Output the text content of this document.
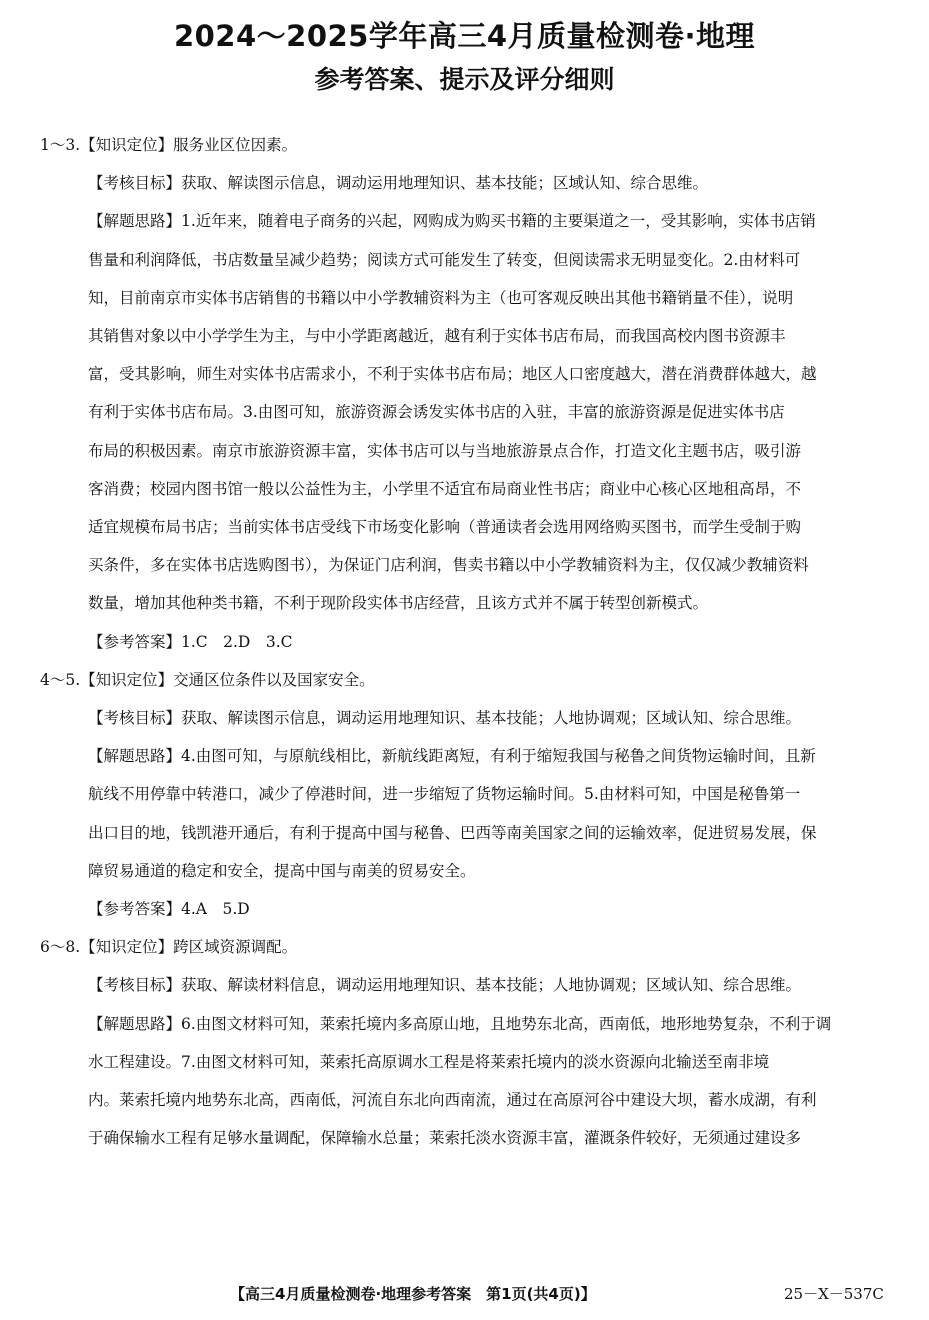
2024～2025学年高三4月质量检测卷·地理
参考答案、提示及评分细则

1～3.【知识定位】服务业区位因素。

【考核目标】获取、解读图示信息，调动运用地理知识、基本技能；区域认知、综合思维。

【解题思路】1.近年来，随着电子商务的兴起，网购成为购买书籍的主要渠道之一，受其影响，实体书店销

售量和利润降低，书店数量呈减少趋势；阅读方式可能发生了转变，但阅读需求无明显变化。2.由材料可

知，目前南京市实体书店销售的书籍以中小学教辅资料为主（也可客观反映出其他书籍销量不佳），说明

其销售对象以中小学学生为主，与中小学距离越近，越有利于实体书店布局，而我国高校内图书资源丰

富，受其影响，师生对实体书店需求小，不利于实体书店布局；地区人口密度越大，潜在消费群体越大，越

有利于实体书店布局。3.由图可知，旅游资源会诱发实体书店的入驻，丰富的旅游资源是促进实体书店

布局的积极因素。南京市旅游资源丰富，实体书店可以与当地旅游景点合作，打造文化主题书店，吸引游

客消费；校园内图书馆一般以公益性为主，小学里不适宜布局商业性书店；商业中心核心区地租高昂，不

适宜规模布局书店；当前实体书店受线下市场变化影响（普通读者会选用网络购买图书，而学生受制于购

买条件，多在实体书店选购图书），为保证门店利润，售卖书籍以中小学教辅资料为主，仅仅减少教辅资料

数量，增加其他种类书籍，不利于现阶段实体书店经营，且该方式并不属于转型创新模式。

【参考答案】1.C　2.D　3.C

4～5.【知识定位】交通区位条件以及国家安全。

【考核目标】获取、解读图示信息，调动运用地理知识、基本技能；人地协调观；区域认知、综合思维。

【解题思路】4.由图可知，与原航线相比，新航线距离短，有利于缩短我国与秘鲁之间货物运输时间，且新

航线不用停靠中转港口，减少了停港时间，进一步缩短了货物运输时间。5.由材料可知，中国是秘鲁第一

出口目的地，钱凯港开通后，有利于提高中国与秘鲁、巴西等南美国家之间的运输效率，促进贸易发展，保

障贸易通道的稳定和安全，提高中国与南美的贸易安全。

【参考答案】4.A　5.D

6～8.【知识定位】跨区域资源调配。

【考核目标】获取、解读材料信息，调动运用地理知识、基本技能；人地协调观；区域认知、综合思维。

【解题思路】6.由图文材料可知，莱索托境内多高原山地，且地势东北高，西南低，地形地势复杂，不利于调

水工程建设。7.由图文材料可知，莱索托高原调水工程是将莱索托境内的淡水资源向北输送至南非境

内。莱索托境内地势东北高，西南低，河流自东北向西南流，通过在高原河谷中建设大坝，蓄水成湖，有利

于确保输水工程有足够水量调配，保障输水总量；莱索托淡水资源丰富，灌溉条件较好，无须通过建设多

【高三4月质量检测卷·地理参考答案　第1页(共4页)】	25－X－537C
